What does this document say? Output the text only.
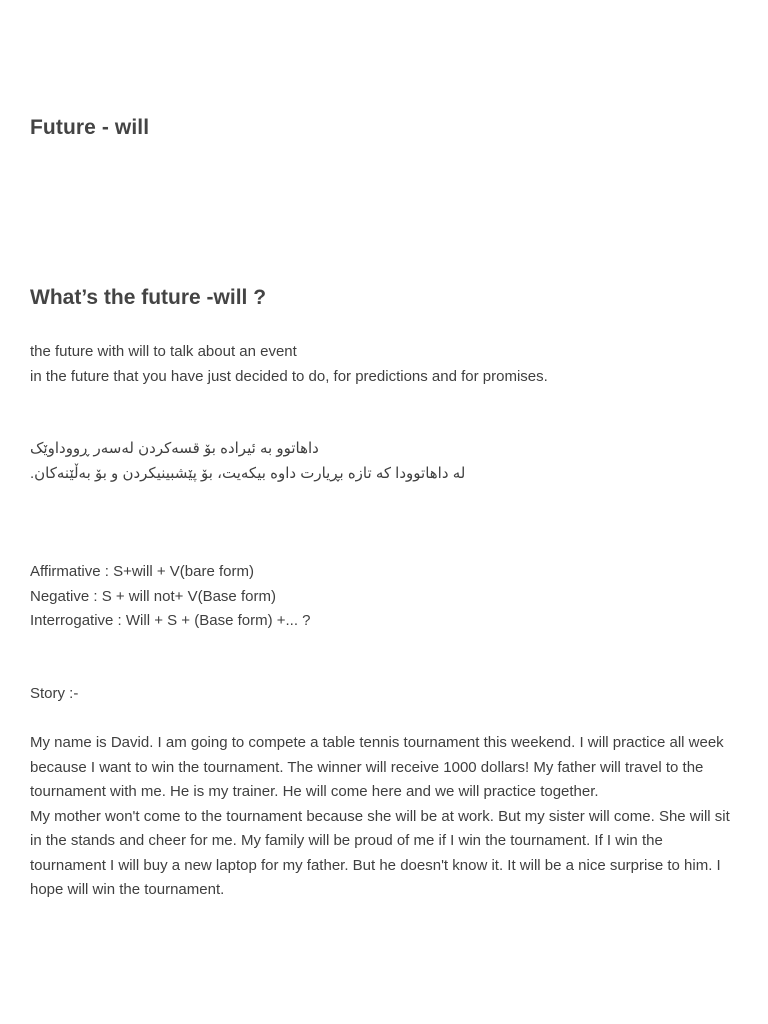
Future - will
What’s the future -will ?

the future with will to talk about an event
in the future that you have just decided to do, for predictions and for promises.

داهاتوو بە ئیرادە بۆ قسەکردن لەسەر ڕووداوێک
لە داهاتوودا کە تازە بڕیارت داوە بیکەیت، بۆ پێشبینیکردن و بۆ بەڵێنەکان.

Affirmative : S+will + V(bare form)
Negative : S + will not+ V(Base form)
Interrogative : Will + S + (Base form) +... ?

Story :-

My name is David. I am going to compete a table tennis tournament this weekend. I will practice all week because I want to win the tournament. The winner will receive 1000 dollars! My father will travel to the tournament with me. He is my trainer. He will come here and we will practice together.My mother won't come to the tournament because she will be at work. But my sister will come. She will sit in the stands and cheer for me. My family will be proud of me if I win the tournament. If I win the tournament I will buy a new laptop for my father. But he doesn't know it. It will be a nice surprise to him. I hope will win the tournament.
